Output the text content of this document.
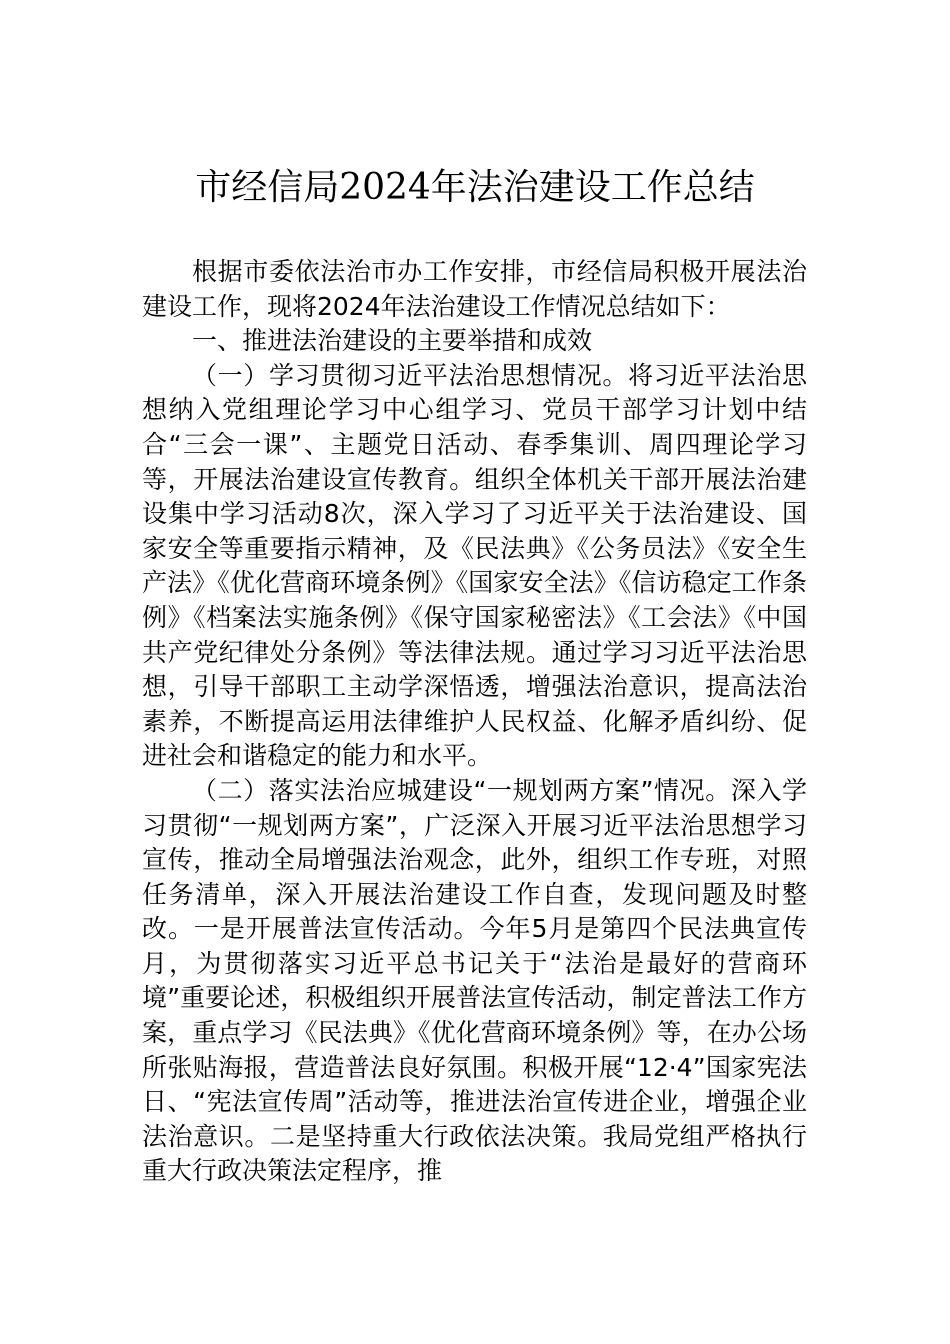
市经信局2024年法治建设工作总结

根据市委依法治市办工作安排，市经信局积极开展法治建设工作，现将2024年法治建设工作情况总结如下：

一、推进法治建设的主要举措和成效

（一）学习贯彻习近平法治思想情况。将习近平法治思想纳入党组理论学习中心组学习、党员干部学习计划中结合“三会一课”、主题党日活动、春季集训、周四理论学习等，开展法治建设宣传教育。组织全体机关干部开展法治建设集中学习活动8次，深入学习了习近平关于法治建设、国家安全等重要指示精神，及《民法典》《公务员法》《安全生产法》《优化营商环境条例》《国家安全法》《信访稳定工作条例》《档案法实施条例》《保守国家秘密法》《工会法》《中国共产党纪律处分条例》等法律法规。通过学习习近平法治思想，引导干部职工主动学深悟透，增强法治意识，提高法治素养，不断提高运用法律维护人民权益、化解矛盾纠纷、促进社会和谐稳定的能力和水平。

（二）落实法治应城建设“一规划两方案”情况。深入学习贯彻“一规划两方案”，广泛深入开展习近平法治思想学习宣传，推动全局增强法治观念，此外，组织工作专班，对照任务清单，深入开展法治建设工作自查，发现问题及时整改。一是开展普法宣传活动。今年5月是第四个民法典宣传月，为贯彻落实习近平总书记关于“法治是最好的营商环境”重要论述，积极组织开展普法宣传活动，制定普法工作方案，重点学习《民法典》《优化营商环境条例》等，在办公场所张贴海报，营造普法良好氛围。积极开展“12·4”国家宪法日、“宪法宣传周”活动等，推进法治宣传进企业，增强企业法治意识。二是坚持重大行政依法决策。我局党组严格执行重大行政决策法定程序，推
